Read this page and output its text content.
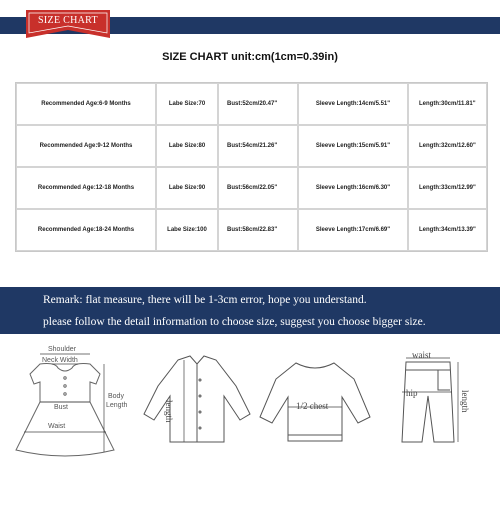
SIZE CHART
SIZE CHART unit:cm(1cm=0.39in)
Recommended Age:6-9 Months	Labe Size:70	Bust:52cm/20.47"	Sleeve Length:14cm/5.51"	Length:30cm/11.81"
Recommended Age:9-12 Months	Labe Size:80	Bust:54cm/21.26"	Sleeve Length:15cm/5.91"	Length:32cm/12.60"
Recommended Age:12-18 Months	Labe Size:90	Bust:56cm/22.05"	Sleeve Length:16cm/6.30"	Length:33cm/12.99"
Recommended Age:18-24 Months	Labe Size:100	Bust:58cm/22.83"	Sleeve Length:17cm/6.69"	Length:34cm/13.39"
Remark: flat measure, there will be 1-3cm error, hope you understand.
please follow the detail information to choose size, suggest you choose bigger size.
Shoulder
Neck Width
Body
Length
Bust
Waist
length	1/2 chest
waist
hip	length
